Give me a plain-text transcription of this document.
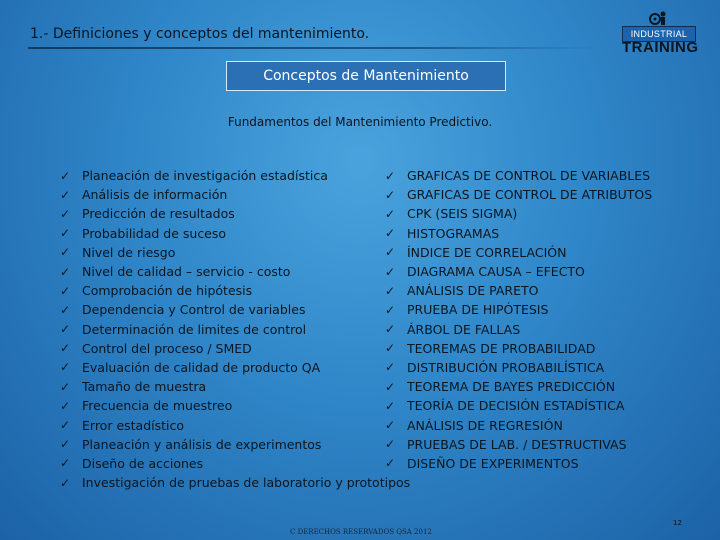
1.- Definiciones y conceptos del mantenimiento.	INDUSTRIAL
TRAINING
Conceptos de Mantenimiento
Fundamentos del Mantenimiento Predictivo.
✓ Planeación de investigación estadística
✓ Análisis de información
✓ Predicción de resultados
✓ Probabilidad de suceso
✓ Nivel de riesgo
✓ Nivel de calidad – servicio - costo
✓ Comprobación de hipótesis
✓ Dependencia y Control de variables
✓ Determinación de limites de control
✓ Control del proceso / SMED
✓ Evaluación de calidad de producto QA
✓ Tamaño de muestra
✓ Frecuencia de muestreo
✓ Error estadístico
✓ Planeación y análisis de experimentos
✓ Diseño de acciones
✓ Investigación de pruebas de laboratorio y prototipos
✓ GRAFICAS DE CONTROL DE VARIABLES
✓ GRAFICAS DE CONTROL DE ATRIBUTOS
✓ CPK (SEIS SIGMA)
✓ HISTOGRAMAS
✓ ÍNDICE DE CORRELACIÓN
✓ DIAGRAMA CAUSA – EFECTO
✓ ANÁLISIS DE PARETO
✓ PRUEBA DE HIPÓTESIS
✓ ÁRBOL DE FALLAS
✓ TEOREMAS DE PROBABILIDAD
✓ DISTRIBUCIÓN PROBABILÍSTICA
✓ TEOREMA DE BAYES PREDICCIÓN
✓ TEORÍA DE DECISIÓN ESTADÍSTICA
✓ ANÁLISIS DE REGRESIÓN
✓ PRUEBAS DE LAB. / DESTRUCTIVAS
✓ DISEÑO DE EXPERIMENTOS
C DERECHOS RESERVADOS QSA 2012
12
